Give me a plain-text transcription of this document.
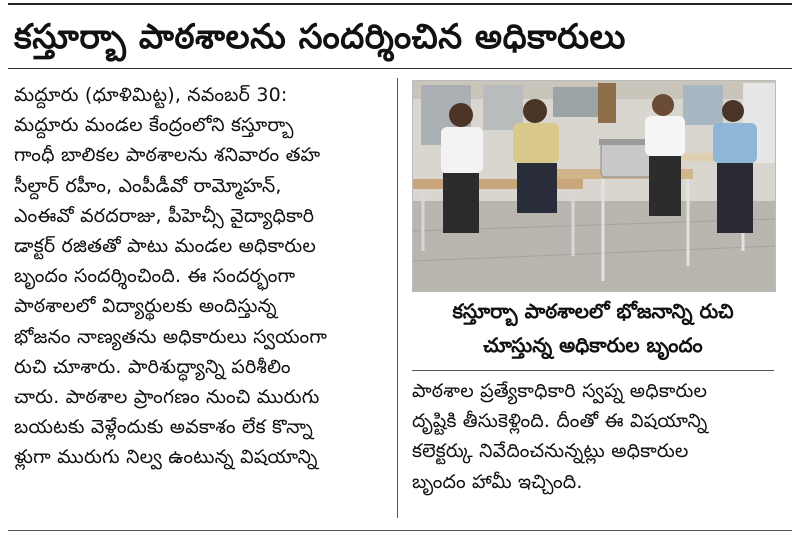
కస్తూర్బా పాఠశాలను సందర్శించిన అధికారులు
మద్దూరు (ధూళిమిట్ట), నవంబర్ 30:
మద్దూరు మండల కేంద్రంలోని కస్తూర్బా
గాంధీ బాలికల పాఠశాలను శనివారం తహ
సీల్దార్ రహీం, ఎంపీడీవో రామ్మోహన్,
ఎంఈవో వరదరాజు, పీహెచ్సీ వైద్యాధికారి
డాక్టర్ రజితతో పాటు మండల అధికారుల
బృందం సందర్శించింది. ఈ సందర్భంగా
పాఠశాలలో విద్యార్థులకు అందిస్తున్న
భోజనం నాణ్యతను అధికారులు స్వయంగా
రుచి చూశారు. పారిశుద్ధ్యాన్ని పరిశీలిం
చారు. పాఠశాల ప్రాంగణం నుంచి మురుగు
బయటకు వెళ్లేందుకు అవకాశం లేక కొన్నా
ళ్లుగా మురుగు నిల్వ ఉంటున్న విషయాన్ని
కస్తూర్బా పాఠశాలలో భోజనాన్ని రుచి
చూస్తున్న అధికారుల బృందం
పాఠశాల ప్రత్యేకాధికారి స్వప్న అధికారుల
దృష్టికి తీసుకెళ్లింది. దీంతో ఈ విషయాన్ని
కలెక్టర్కు నివేదించనున్నట్లు అధికారుల
బృందం హామీ ఇచ్చింది.
